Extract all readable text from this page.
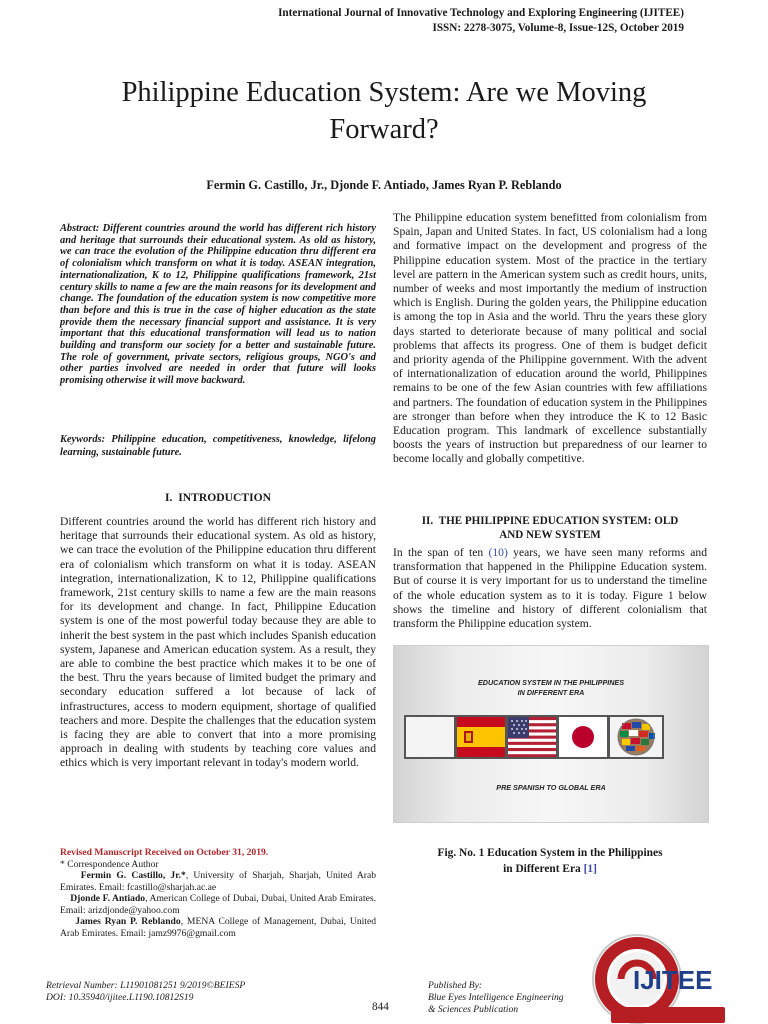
International Journal of Innovative Technology and Exploring Engineering (IJITEE)
ISSN: 2278-3075, Volume-8, Issue-12S, October 2019
Philippine Education System: Are we Moving
Forward?
Fermin G. Castillo, Jr., Djonde F. Antiado, James Ryan P. Reblando
Abstract: Different countries around the world has different rich history and heritage that surrounds their educational system. As old as history, we can trace the evolution of the Philippine education thru different era of colonialism which transform on what it is today. ASEAN integration, internationalization, K to 12, Philippine qualifications framework, 21st century skills to name a few are the main reasons for its development and change. The foundation of the education system is now competitive more than before and this is true in the case of higher education as the state provide them the necessary financial support and assistance. It is very important that this educational transformation will lead us to nation building and transform our society for a better and sustainable future. The role of government, private sectors, religious groups, NGO's and other parties involved are needed in order that future will looks promising otherwise it will move backward.
Keywords: Philippine education, competitiveness, knowledge, lifelong learning, sustainable future.
I.  INTRODUCTION
Different countries around the world has different rich history and heritage that surrounds their educational system. As old as history, we can trace the evolution of the Philippine education thru different era of colonialism which transform on what it is today. ASEAN integration, internationalization, K to 12, Philippine qualifications framework, 21st century skills to name a few are the main reasons for its development and change. In fact, Philippine Education system is one of the most powerful today because they are able to inherit the best system in the past which includes Spanish education system, Japanese and American education system. As a result, they are able to combine the best practice which makes it to be one of the best. Thru the years because of limited budget the primary and secondary education suffered a lot because of lack of infrastructures, access to modern equipment, shortage of qualified teachers and more. Despite the challenges that the education system is facing they are able to convert that into a more promising approach in dealing with students by teaching core values and ethics which is very important relevant in today's modern world.
Revised Manuscript Received on October 31, 2019.
* Correspondence Author
Fermin G. Castillo, Jr.*, University of Sharjah, Sharjah, United Arab Emirates. Email: fcastillo@sharjah.ac.ae
Djonde F. Antiado, American College of Dubai, Dubai, United Arab Emirates. Email: arizdjonde@yahoo.com
James Ryan P. Reblando, MENA College of Management, Dubai, United Arab Emirates. Email: jamz9976@gmail.com
The Philippine education system benefitted from colonialism from Spain, Japan and United States. In fact, US colonialism had a long and formative impact on the development and progress of the Philippine education system. Most of the practice in the tertiary level are pattern in the American system such as credit hours, units, number of weeks and most importantly the medium of instruction which is English. During the golden years, the Philippine education is among the top in Asia and the world. Thru the years these glory days started to deteriorate because of many political and social problems that affects its progress. One of them is budget deficit and priority agenda of the Philippine government. With the advent of internationalization of education around the world, Philippines remains to be one of the few Asian countries with few affiliations and partners. The foundation of education system in the Philippines are stronger than before when they introduce the K to 12 Basic Education program. This landmark of excellence substantially boosts the years of instruction but preparedness of our learner to become locally and globally competitive.
II.  THE PHILIPPINE EDUCATION SYSTEM: OLD
AND NEW SYSTEM
In the span of ten (10) years, we have seen many reforms and transformation that happened in the Philippine Education system. But of course it is very important for us to understand the timeline of the whole education system as to it is today. Figure 1 below shows the timeline and history of different colonialism that transform the Philippine education system.
EDUCATION SYSTEM IN THE PHILIPPINES
IN DIFFERENT ERA
PRE SPANISH TO GLOBAL ERA
Fig. No. 1 Education System in the Philippines
in Different Era [1]
Retrieval Number: L11901081251 9/2019©BEIESP
DOI: 10.35940/ijitee.L1190.10812S19
844
Published By:
Blue Eyes Intelligence Engineering
& Sciences Publication
IJITEE
